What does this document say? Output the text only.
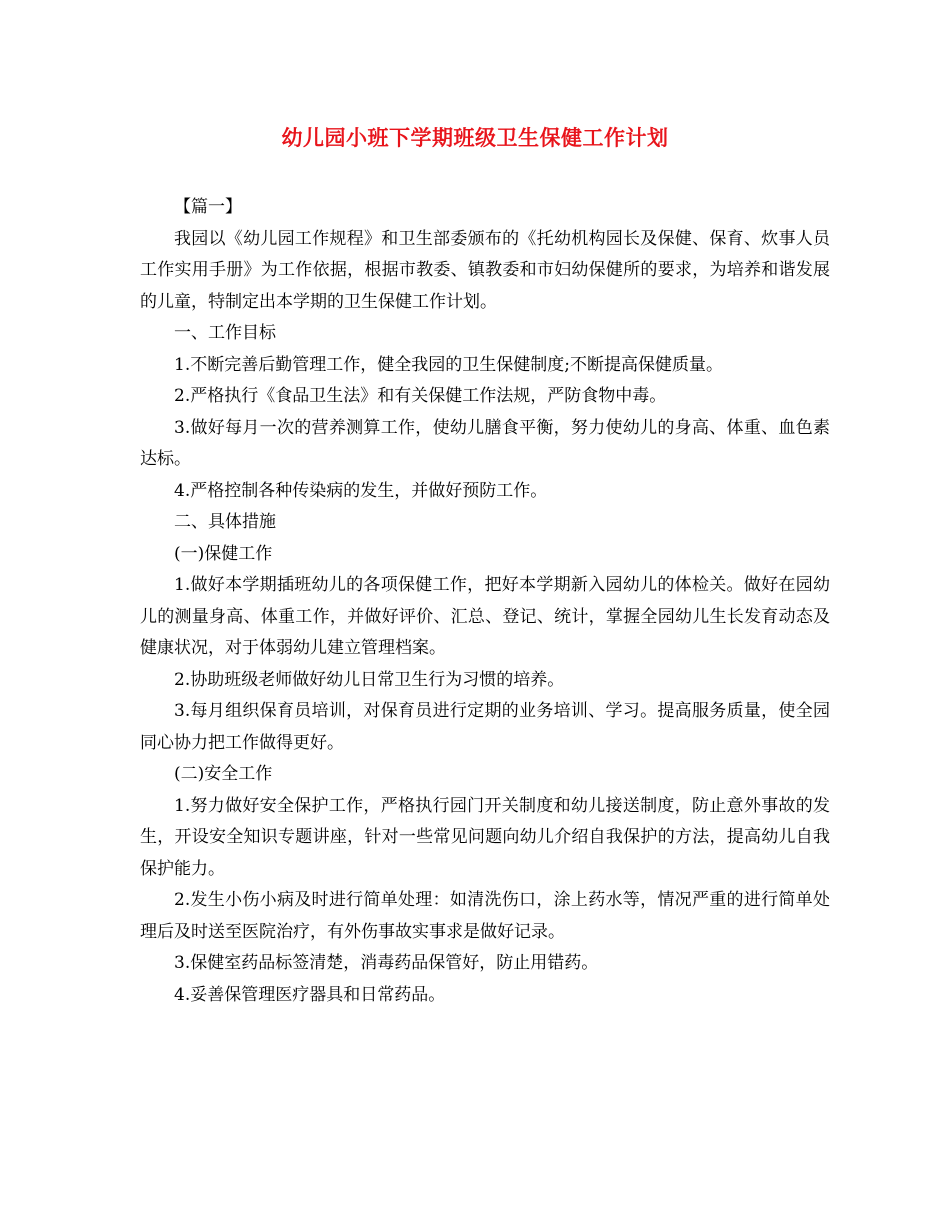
幼儿园小班下学期班级卫生保健工作计划

【篇一】

我园以《幼儿园工作规程》和卫生部委颁布的《托幼机构园长及保健、保育、炊事人员工作实用手册》为工作依据，根据市教委、镇教委和市妇幼保健所的要求，为培养和谐发展的儿童，特制定出本学期的卫生保健工作计划。

一、工作目标

1.不断完善后勤管理工作，健全我园的卫生保健制度;不断提高保健质量。

2.严格执行《食品卫生法》和有关保健工作法规，严防食物中毒。

3.做好每月一次的营养测算工作，使幼儿膳食平衡，努力使幼儿的身高、体重、血色素达标。

4.严格控制各种传染病的发生，并做好预防工作。

二、具体措施

(一)保健工作

1.做好本学期插班幼儿的各项保健工作，把好本学期新入园幼儿的体检关。做好在园幼儿的测量身高、体重工作，并做好评价、汇总、登记、统计，掌握全园幼儿生长发育动态及健康状况，对于体弱幼儿建立管理档案。

2.协助班级老师做好幼儿日常卫生行为习惯的培养。

3.每月组织保育员培训，对保育员进行定期的业务培训、学习。提高服务质量，使全园同心协力把工作做得更好。

(二)安全工作

1.努力做好安全保护工作，严格执行园门开关制度和幼儿接送制度，防止意外事故的发生，开设安全知识专题讲座，针对一些常见问题向幼儿介绍自我保护的方法，提高幼儿自我保护能力。

2.发生小伤小病及时进行简单处理：如清洗伤口，涂上药水等，情况严重的进行简单处理后及时送至医院治疗，有外伤事故实事求是做好记录。

3.保健室药品标签清楚，消毒药品保管好，防止用错药。

4.妥善保管理医疗器具和日常药品。
